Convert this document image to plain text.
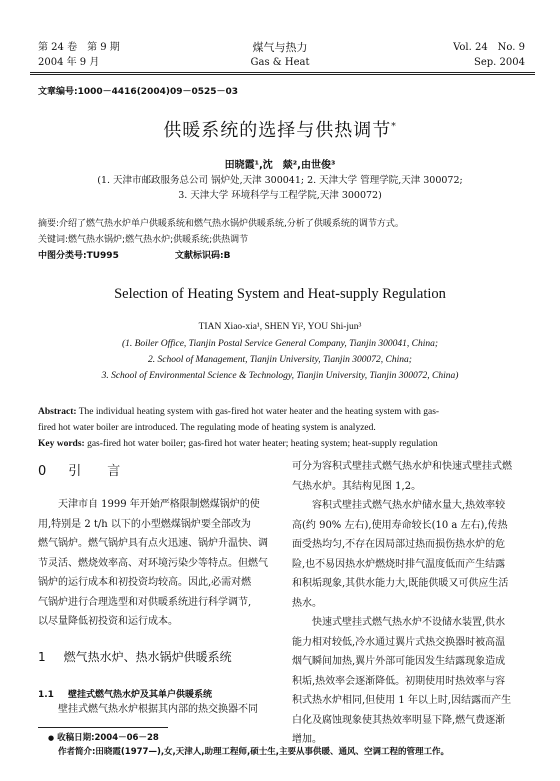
第 24 卷　第 9 期
2004 年 9 月
煤气与热力
Gas & Heat
Vol. 24　No. 9
Sep. 2004
文章编号:1000－4416(2004)09－0525－03
供暖系统的选择与供热调节*
田晓霞¹,沈　燚²,由世俊³
(1. 天津市邮政服务总公司 锅炉处,天津 300041; 2. 天津大学 管理学院,天津 300072;
3. 天津大学 环境科学与工程学院,天津 300072)
摘要:介绍了燃气热水炉单户供暖系统和燃气热水锅炉供暖系统,分析了供暖系统的调节方式。
关键词:燃气热水锅炉;燃气热水炉;供暖系统;供热调节
中图分类号:TU995	文献标识码:B
Selection of Heating System and Heat-supply Regulation
TIAN Xiao-xia¹, SHEN Yi², YOU Shi-jun³
(1. Boiler Office, Tianjin Postal Service General Company, Tianjin 300041, China;
2. School of Management, Tianjin University, Tianjin 300072, China;
3. School of Environmental Science & Technology, Tianjin University, Tianjin 300072, China)
Abstract: The individual heating system with gas-fired hot water heater and the heating system with gas-
fired hot water boiler are introduced. The regulating mode of heating system is analyzed.
Key words: gas-fired hot water boiler; gas-fired hot water heater; heating system; heat-supply regulation
0 引　　言
天津市自 1999 年开始严格限制燃煤锅炉的使
用,特别是 2 t/h 以下的小型燃煤锅炉要全部改为
燃气锅炉。燃气锅炉具有点火迅速、锅炉升温快、调
节灵活、燃烧效率高、对环境污染少等特点。但燃气
锅炉的运行成本和初投资均较高。因此,必需对燃
气锅炉进行合理选型和对供暖系统进行科学调节,
以尽量降低初投资和运行成本。
1 燃气热水炉、热水锅炉供暖系统
1.1 壁挂式燃气热水炉及其单户供暖系统
壁挂式燃气热水炉根据其内部的热交换器不同
可分为容积式壁挂式燃气热水炉和快速式壁挂式燃
气热水炉。其结构见图 1,2。
　　容积式壁挂式燃气热水炉储水量大,热效率较
高(约 90% 左右),使用寿命较长(10 a 左右),传热
面受热均匀,不存在因局部过热而损伤热水炉的危
险,也不易因热水炉燃烧时排气温度低而产生结露
和积垢现象,其供水能力大,既能供暖又可供应生活
热水。
　　快速式壁挂式燃气热水炉不设储水装置,供水
能力相对较低,冷水通过翼片式热交换器时被高温
烟气瞬间加热,翼片外部可能因发生结露现象造成
积垢,热效率会逐渐降低。初期使用时热效率与容
积式热水炉相同,但使用 1 年以上时,因结露而产生
白化及腐蚀现象使其热效率明显下降,燃气费逐渐
增加。
● 收稿日期:2004－06－28
作者简介:田晓霞(1977—),女,天津人,助理工程师,硕士生,主要从事供暖、通风、空调工程的管理工作。
